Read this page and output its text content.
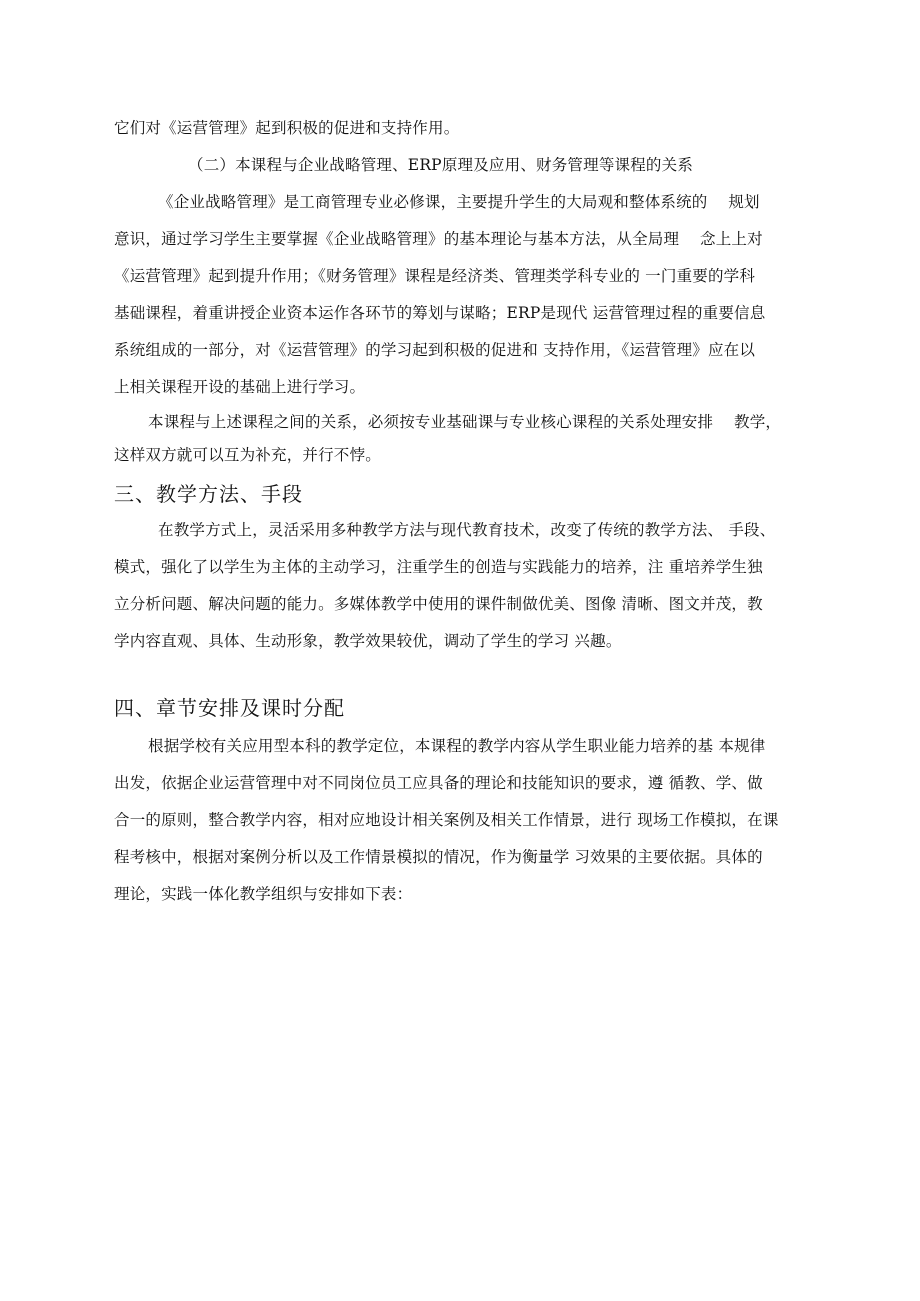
它们对《运营管理》起到积极的促进和支持作用。
（二）本课程与企业战略管理、ERP原理及应用、财务管理等课程的关系
《企业战略管理》是工商管理专业必修课，主要提升学生的大局观和整体系统的　 规划
意识，通过学习学生主要掌握《企业战略管理》的基本理论与基本方法，从全局理　 念上上对
《运营管理》起到提升作用；《财务管理》课程是经济类、管理类学科专业的 一门重要的学科
基础课程，着重讲授企业资本运作各环节的筹划与谋略；ERP是现代 运营管理过程的重要信息
系统组成的一部分，对《运营管理》的学习起到积极的促进和 支持作用，《运营管理》应在以
上相关课程开设的基础上进行学习。
本课程与上述课程之间的关系，必须按专业基础课与专业核心课程的关系处理安排　 教学，
这样双方就可以互为补充，并行不悖。
三、教学方法、手段
在教学方式上，灵活采用多种教学方法与现代教育技术，改变了传统的教学方法、 手段、
模式，强化了以学生为主体的主动学习，注重学生的创造与实践能力的培养，注 重培养学生独
立分析问题、解决问题的能力。多媒体教学中使用的课件制做优美、图像 清晰、图文并茂，教
学内容直观、具体、生动形象，教学效果较优，调动了学生的学习 兴趣。
四、章节安排及课时分配
根据学校有关应用型本科的教学定位，本课程的教学内容从学生职业能力培养的基 本规律
出发，依据企业运营管理中对不同岗位员工应具备的理论和技能知识的要求，遵 循教、学、做
合一的原则，整合教学内容，相对应地设计相关案例及相关工作情景，进行 现场工作模拟，在课
程考核中，根据对案例分析以及工作情景模拟的情况，作为衡量学 习效果的主要依据。具体的
理论，实践一体化教学组织与安排如下表：
